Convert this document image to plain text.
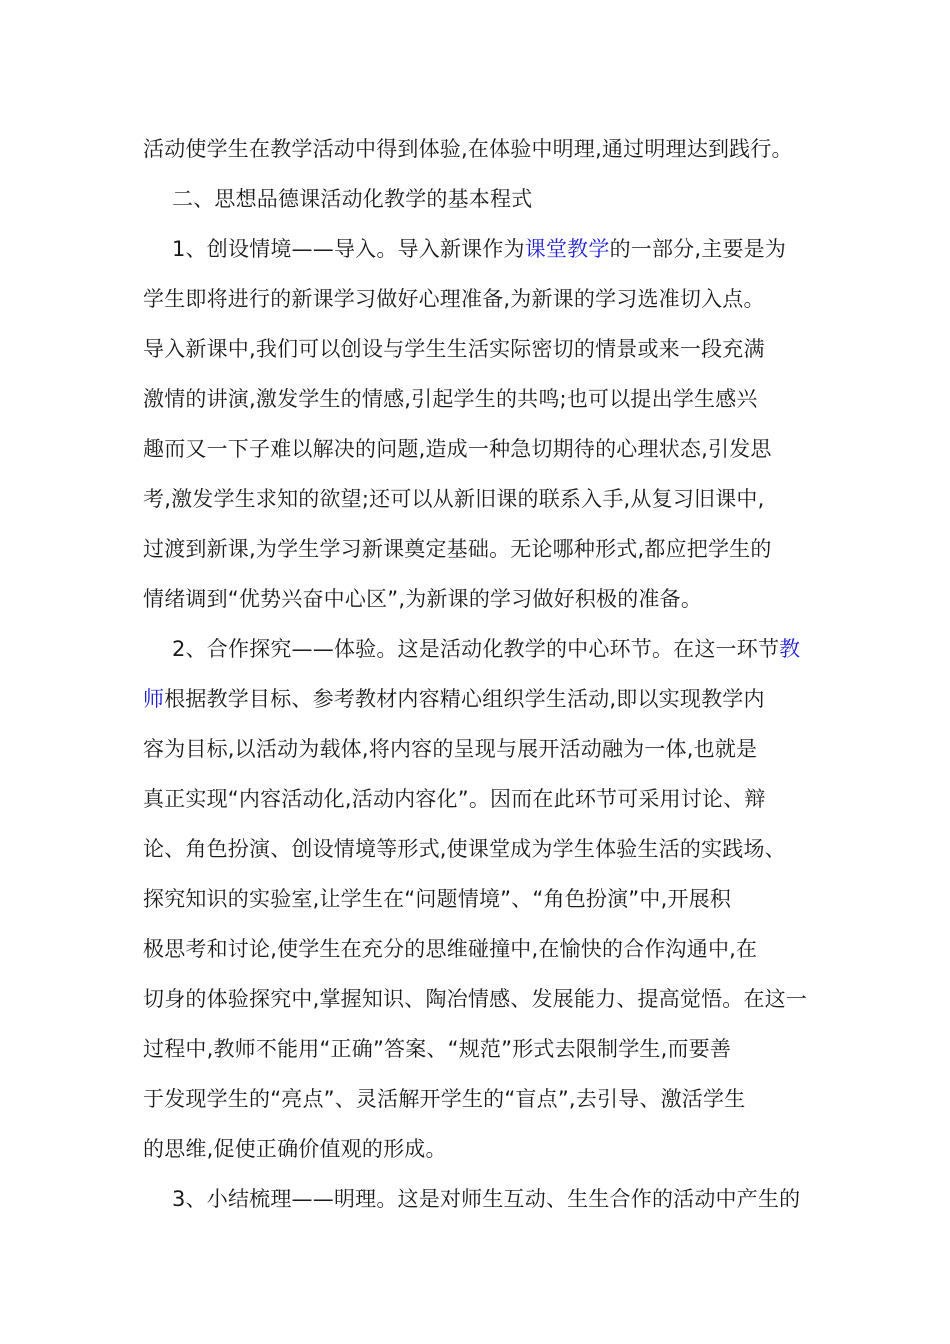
活动使学生在教学活动中得到体验,在体验中明理,通过明理达到践行。
二、思想品德课活动化教学的基本程式
1、创设情境——导入。导入新课作为课堂教学的一部分,主要是为
学生即将进行的新课学习做好心理准备,为新课的学习选准切入点。
导入新课中,我们可以创设与学生生活实际密切的情景或来一段充满
激情的讲演,激发学生的情感,引起学生的共鸣;也可以提出学生感兴
趣而又一下子难以解决的问题,造成一种急切期待的心理状态,引发思
考,激发学生求知的欲望;还可以从新旧课的联系入手,从复习旧课中,
过渡到新课,为学生学习新课奠定基础。无论哪种形式,都应把学生的
情绪调到“优势兴奋中心区”,为新课的学习做好积极的准备。
2、合作探究——体验。这是活动化教学的中心环节。在这一环节教
师根据教学目标、参考教材内容精心组织学生活动,即以实现教学内
容为目标,以活动为载体,将内容的呈现与展开活动融为一体,也就是
真正实现“内容活动化,活动内容化”。因而在此环节可采用讨论、辩
论、角色扮演、创设情境等形式,使课堂成为学生体验生活的实践场、
探究知识的实验室,让学生在“问题情境”、“角色扮演”中,开展积
极思考和讨论,使学生在充分的思维碰撞中,在愉快的合作沟通中,在
切身的体验探究中,掌握知识、陶冶情感、发展能力、提高觉悟。在这一
过程中,教师不能用“正确”答案、“规范”形式去限制学生,而要善
于发现学生的“亮点”、灵活解开学生的“盲点”,去引导、激活学生
的思维,促使正确价值观的形成。
3、小结梳理——明理。这是对师生互动、生生合作的活动中产生的
